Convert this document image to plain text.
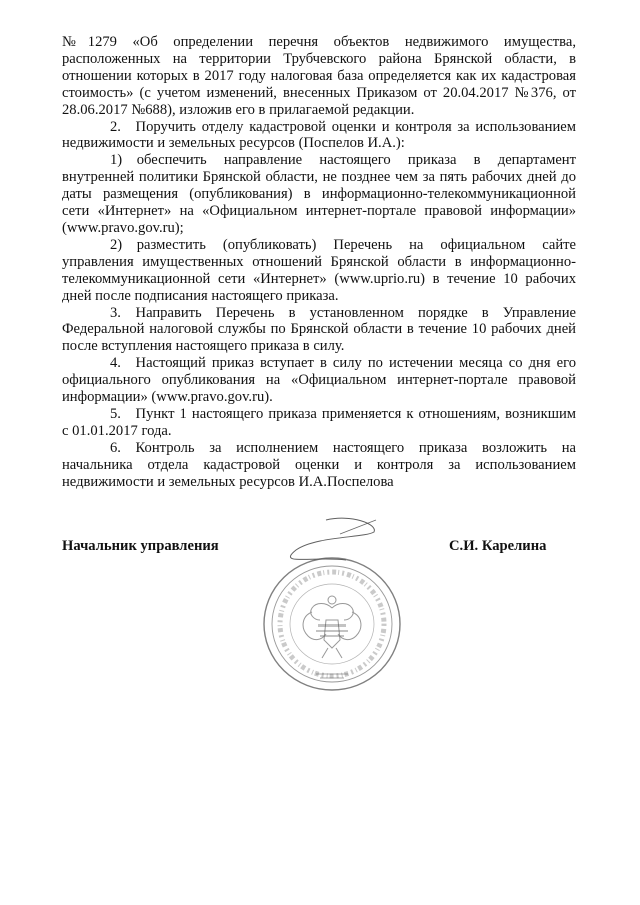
№1279 «Об определении перечня объектов недвижимого имущества, расположенных на территории Трубчевского района Брянской области, в отношении которых в 2017 году налоговая база определяется как их кадастровая стоимость» (с учетом изменений, внесенных Приказом от 20.04.2017 №376, от 28.06.2017 №688), изложив его в прилагаемой редакции.

2. Поручить отделу кадастровой оценки и контроля за использованием недвижимости и земельных ресурсов (Поспелов И.А.):

1) обеспечить направление настоящего приказа в департамент внутренней политики Брянской области, не позднее чем за пять рабочих дней до даты размещения (опубликования) в информационно-телекоммуникационной сети «Интернет» на «Официальном интернет-портале правовой информации» (www.pravo.gov.ru);

2) разместить (опубликовать) Перечень на официальном сайте управления имущественных отношений Брянской области в информационно-телекоммуникационной сети «Интернет» (www.uprio.ru) в течение 10 рабочих дней после подписания настоящего приказа.

3. Направить Перечень в установленном порядке в Управление Федеральной налоговой службы по Брянской области в течение 10 рабочих дней после вступления настоящего приказа в силу.

4. Настоящий приказ вступает в силу по истечении месяца со дня его официального опубликования на «Официальном интернет-портале правовой информации» (www.pravo.gov.ru).

5. Пункт 1 настоящего приказа применяется к отношениям, возникшим с 01.01.2017 года.

6. Контроль за исполнением настоящего приказа возложить на начальника отдела кадастровой оценки и контроля за использованием недвижимости и земельных ресурсов И.А.Поспелова

Начальник управления	С.И. Карелина
